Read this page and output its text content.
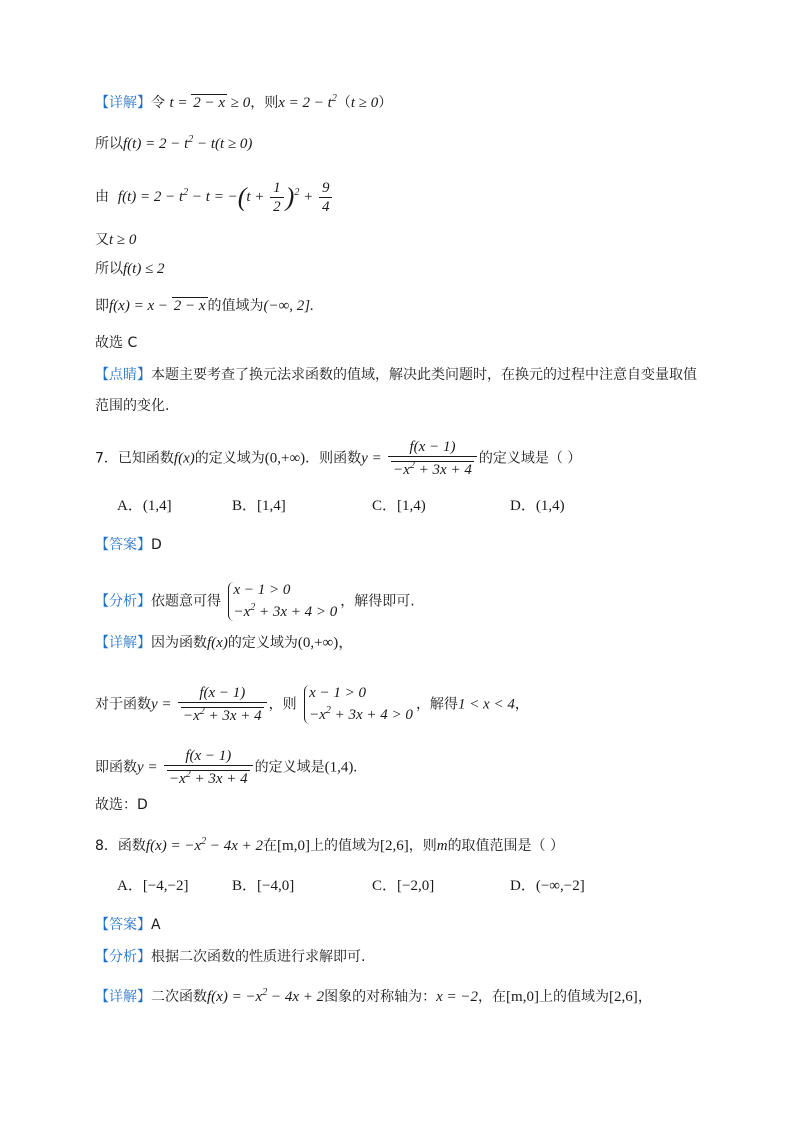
【详解】令 t = 2 − x ≥ 0，则$x = 2 - t^2(t \ge 0)$
所以$f(t) = 2 - t^2 - t(t \ge 0)$
由 $f(t) = 2 - t^2 - t = -(t + \frac{1}{2} )^2 + \frac{9}{4}$
又t ≥ 0
所以f(t) ≤ 2
即f(x) = x − 2 − x 的值域为(−∞, 2].
故选 C
【点睛】本题主要考查了换元法求函数的值域，解决此类问题时，在换元的过程中注意自变量取值
范围的变化.
7．已知函数f(x)的定义域为(0,+∞)．则函数$y = \frac{f(x - 1)}{-x^2 + 3x + 4}$ 的定义域是（ ）
A．(1,4]	B．[1,4]	C．[1,4)	D．(1,4)
【答案】D
【分析】依题意可得
x − 1 > 0
$-x^2 + 3x + 4 > 0$
，解得即可.
【详解】因为函数f(x)的定义域为(0,+∞)，
对于函数$y = \frac{f(x - 1)}{-x^2 + 3x + 4}$ ，则
x − 1 > 0
$-x^2 + 3x + 4 > 0$
，解得1 < x < 4，
即函数$y = \frac{f(x - 1)}{-x^2 + 3x + 4}$ 的定义域是(1,4).
故选：D
8．函数$f(x) = -x^2 - 4x + 2$在[m,0]上的值域为[2,6]，则m的取值范围是（ ）
A．[−4,−2]	B．[−4,0]	C．[−2,0]	D．(−∞,−2]
【答案】A
【分析】根据二次函数的性质进行求解即可.
【详解】二次函数$f(x) = -x^2 - 4x + 2$图象的对称轴为：x = −2，在[m,0]上的值域为[2,6]，
